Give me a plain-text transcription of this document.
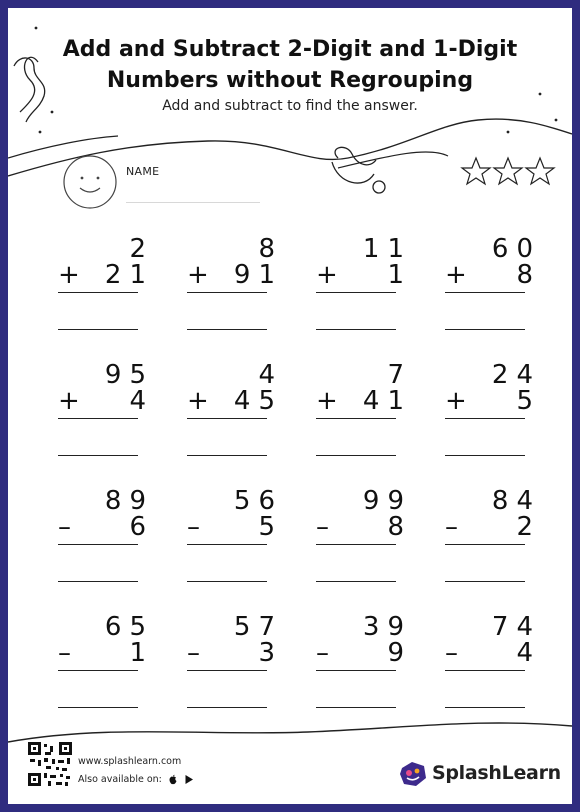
Add and Subtract 2-Digit and 1-Digit
Numbers without Regrouping
Add and subtract to find the answer.
NAME
2
+ 21
8
+ 91
11
+ 1
60
+ 8
95
+ 4
4
+ 45
7
+ 41
24
+ 5
89
– 6
56
– 5
99
– 8
84
– 2
65
– 1
57
– 3
39
– 9
74
– 4
www.splashlearn.com
Also available on:	SplashLearn
